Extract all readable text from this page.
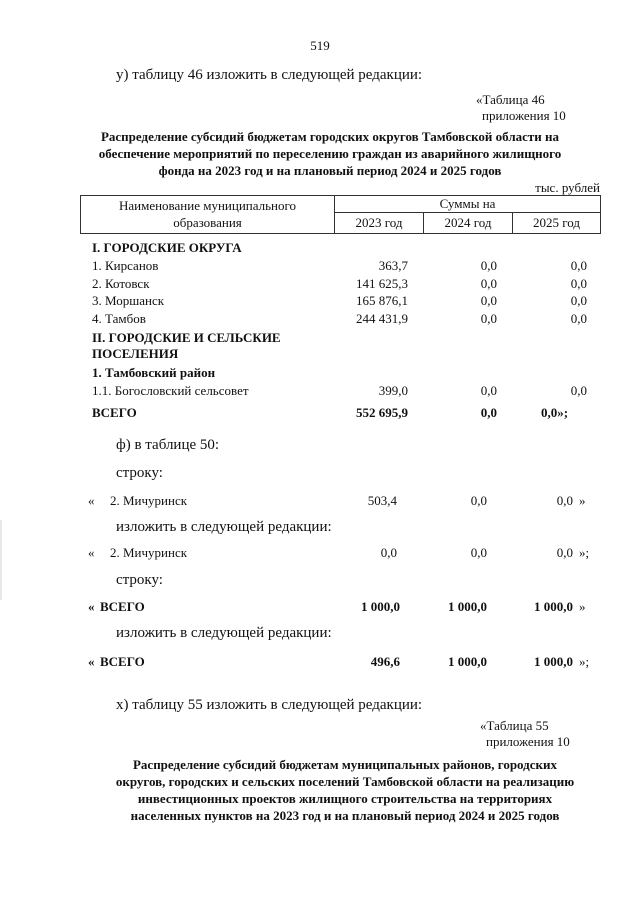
519
у) таблицу 46 изложить в следующей редакции:
«Таблица 46
приложения 10
Распределение субсидий бюджетам городских округов Тамбовской области на
обеспечение мероприятий по переселению граждан из аварийного жилищного
фонда на 2023 год и на плановый период 2024 и 2025 годов
тыс. рублей
Наименование муниципального
образования
Суммы на
2023 год	2024 год	2025 год
I. ГОРОДСКИЕ ОКРУГА
1. Кирсанов	363,7	0,0	0,0
2. Котовск	141 625,3	0,0	0,0
3. Моршанск	165 876,1	0,0	0,0
4. Тамбов	244 431,9	0,0	0,0
II. ГОРОДСКИЕ И СЕЛЬСКИЕ
ПОСЕЛЕНИЯ
1. Тамбовский район
1.1. Богословский сельсовет	399,0	0,0	0,0
ВСЕГО	552 695,9	0,0	0,0»;
ф) в таблице 50:
строку:
« 2. Мичуринск	503,4	0,0	0,0 »
изложить в следующей редакции:
« 2. Мичуринск	0,0	0,0	0,0 »;
строку:
« ВСЕГО	1 000,0	1 000,0	1 000,0 »
изложить в следующей редакции:
« ВСЕГО	496,6	1 000,0	1 000,0 »;
х) таблицу 55 изложить в следующей редакции:
«Таблица 55
приложения 10
Распределение субсидий бюджетам муниципальных районов, городских
округов, городских и сельских поселений Тамбовской области на реализацию
инвестиционных проектов жилищного строительства на территориях
населенных пунктов на 2023 год и на плановый период 2024 и 2025 годов
